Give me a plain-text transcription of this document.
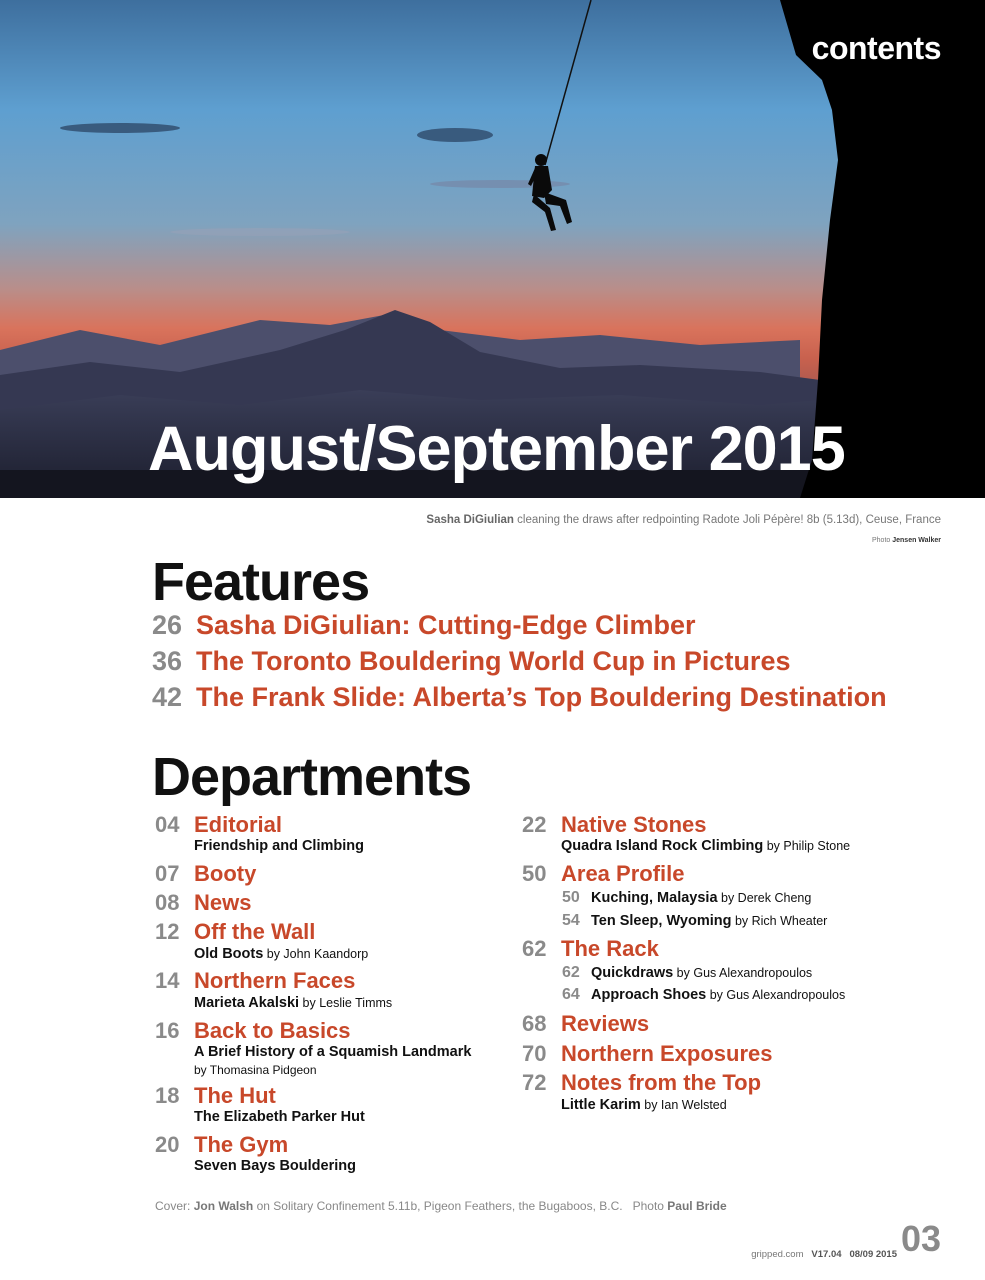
contents
August/September 2015
Sasha DiGiulian cleaning the draws after redpointing Radote Joli Pépère! 8b (5.13d), Ceuse, France
Photo Jensen Walker
Features
26 Sasha DiGiulian: Cutting-Edge Climber
36 The Toronto Bouldering World Cup in Pictures
42 The Frank Slide: Alberta’s Top Bouldering Destination
Departments
04 Editorial
Friendship and Climbing
07 Booty
08 News
12 Off the Wall
Old Boots by John Kaandorp
14 Northern Faces
Marieta Akalski by Leslie Timms
16 Back to Basics
A Brief History of a Squamish Landmark
by Thomasina Pidgeon
18 The Hut
The Elizabeth Parker Hut
20 The Gym
Seven Bays Bouldering
22 Native Stones
Quadra Island Rock Climbing by Philip Stone
50 Area Profile
50 Kuching, Malaysia by Derek Cheng
54 Ten Sleep, Wyoming by Rich Wheater
62 The Rack
62 Quickdraws by Gus Alexandropoulos
64 Approach Shoes by Gus Alexandropoulos
68 Reviews
70 Northern Exposures
72 Notes from the Top
Little Karim by Ian Welsted
Cover: Jon Walsh on Solitary Confinement 5.11b, Pigeon Feathers, the Bugaboos, B.C.   Photo Paul Bride
gripped.com V17.04 08/09 2015 03
